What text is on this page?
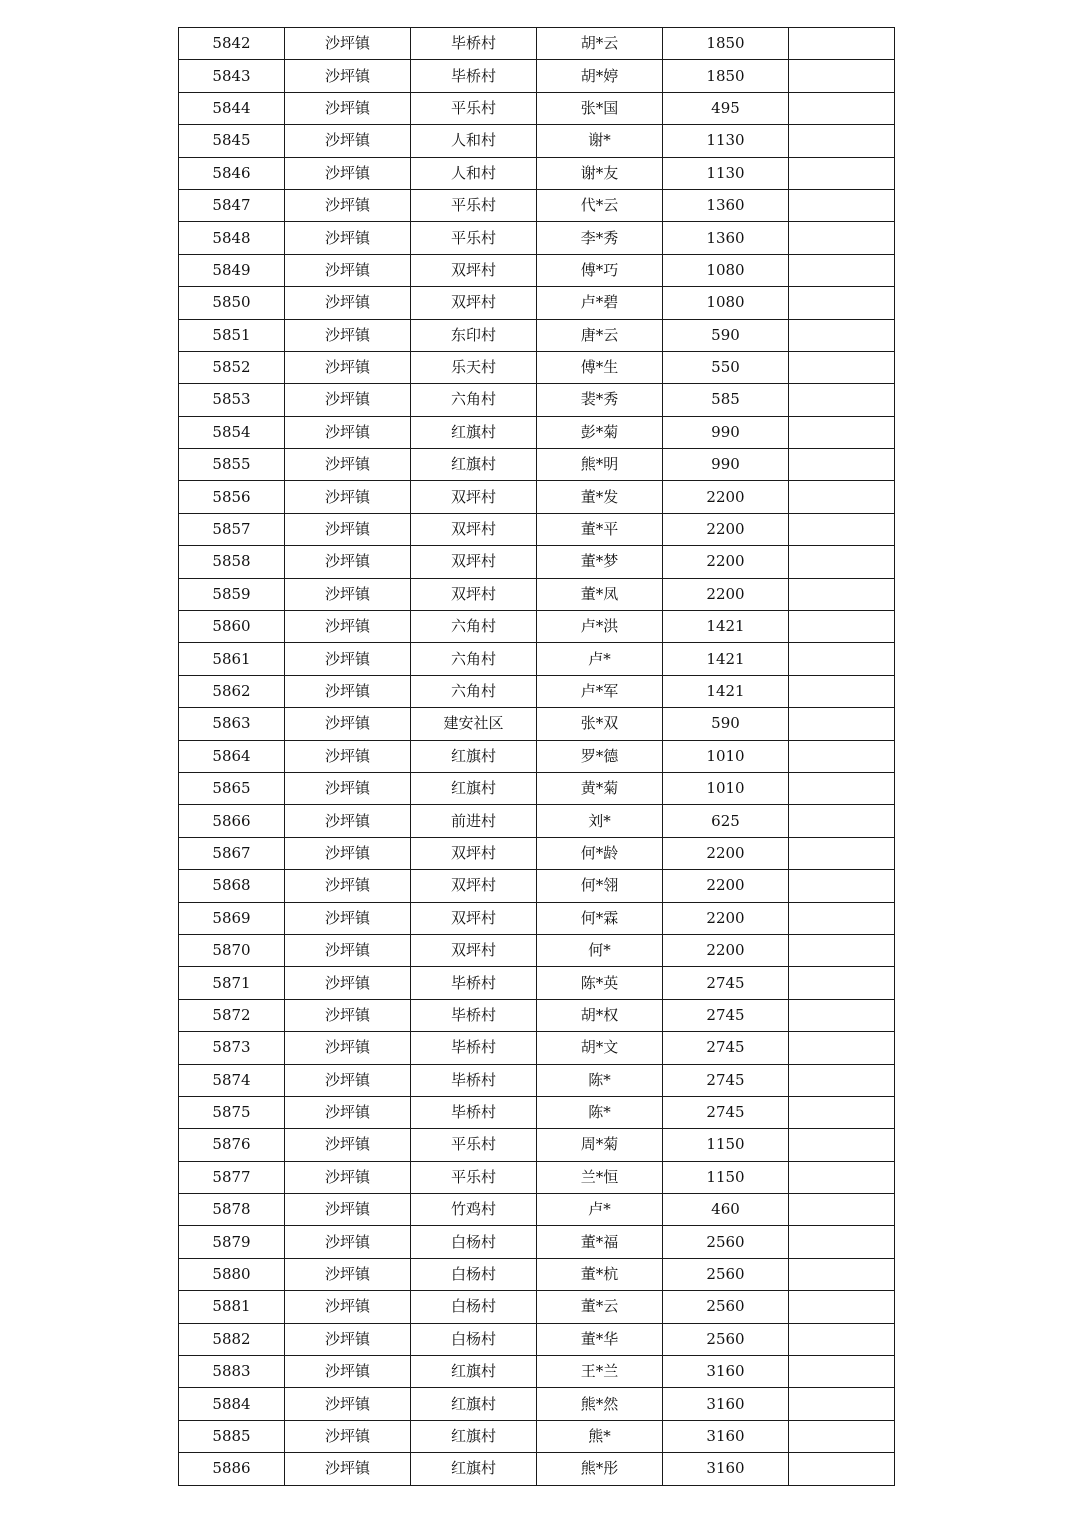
5842	沙坪镇	毕桥村	胡*云	1850	
5843	沙坪镇	毕桥村	胡*婷	1850	
5844	沙坪镇	平乐村	张*国	495	
5845	沙坪镇	人和村	谢*	1130	
5846	沙坪镇	人和村	谢*友	1130	
5847	沙坪镇	平乐村	代*云	1360	
5848	沙坪镇	平乐村	李*秀	1360	
5849	沙坪镇	双坪村	傅*巧	1080	
5850	沙坪镇	双坪村	卢*碧	1080	
5851	沙坪镇	东印村	唐*云	590	
5852	沙坪镇	乐天村	傅*生	550	
5853	沙坪镇	六角村	裴*秀	585	
5854	沙坪镇	红旗村	彭*菊	990	
5855	沙坪镇	红旗村	熊*明	990	
5856	沙坪镇	双坪村	董*发	2200	
5857	沙坪镇	双坪村	董*平	2200	
5858	沙坪镇	双坪村	董*梦	2200	
5859	沙坪镇	双坪村	董*凤	2200	
5860	沙坪镇	六角村	卢*洪	1421	
5861	沙坪镇	六角村	卢*	1421	
5862	沙坪镇	六角村	卢*军	1421	
5863	沙坪镇	建安社区	张*双	590	
5864	沙坪镇	红旗村	罗*德	1010	
5865	沙坪镇	红旗村	黄*菊	1010	
5866	沙坪镇	前进村	刘*	625	
5867	沙坪镇	双坪村	何*龄	2200	
5868	沙坪镇	双坪村	何*翎	2200	
5869	沙坪镇	双坪村	何*霖	2200	
5870	沙坪镇	双坪村	何*	2200	
5871	沙坪镇	毕桥村	陈*英	2745	
5872	沙坪镇	毕桥村	胡*权	2745	
5873	沙坪镇	毕桥村	胡*文	2745	
5874	沙坪镇	毕桥村	陈*	2745	
5875	沙坪镇	毕桥村	陈*	2745	
5876	沙坪镇	平乐村	周*菊	1150	
5877	沙坪镇	平乐村	兰*恒	1150	
5878	沙坪镇	竹鸡村	卢*	460	
5879	沙坪镇	白杨村	董*福	2560	
5880	沙坪镇	白杨村	董*杭	2560	
5881	沙坪镇	白杨村	董*云	2560	
5882	沙坪镇	白杨村	董*华	2560	
5883	沙坪镇	红旗村	王*兰	3160	
5884	沙坪镇	红旗村	熊*然	3160	
5885	沙坪镇	红旗村	熊*	3160	
5886	沙坪镇	红旗村	熊*彤	3160	
